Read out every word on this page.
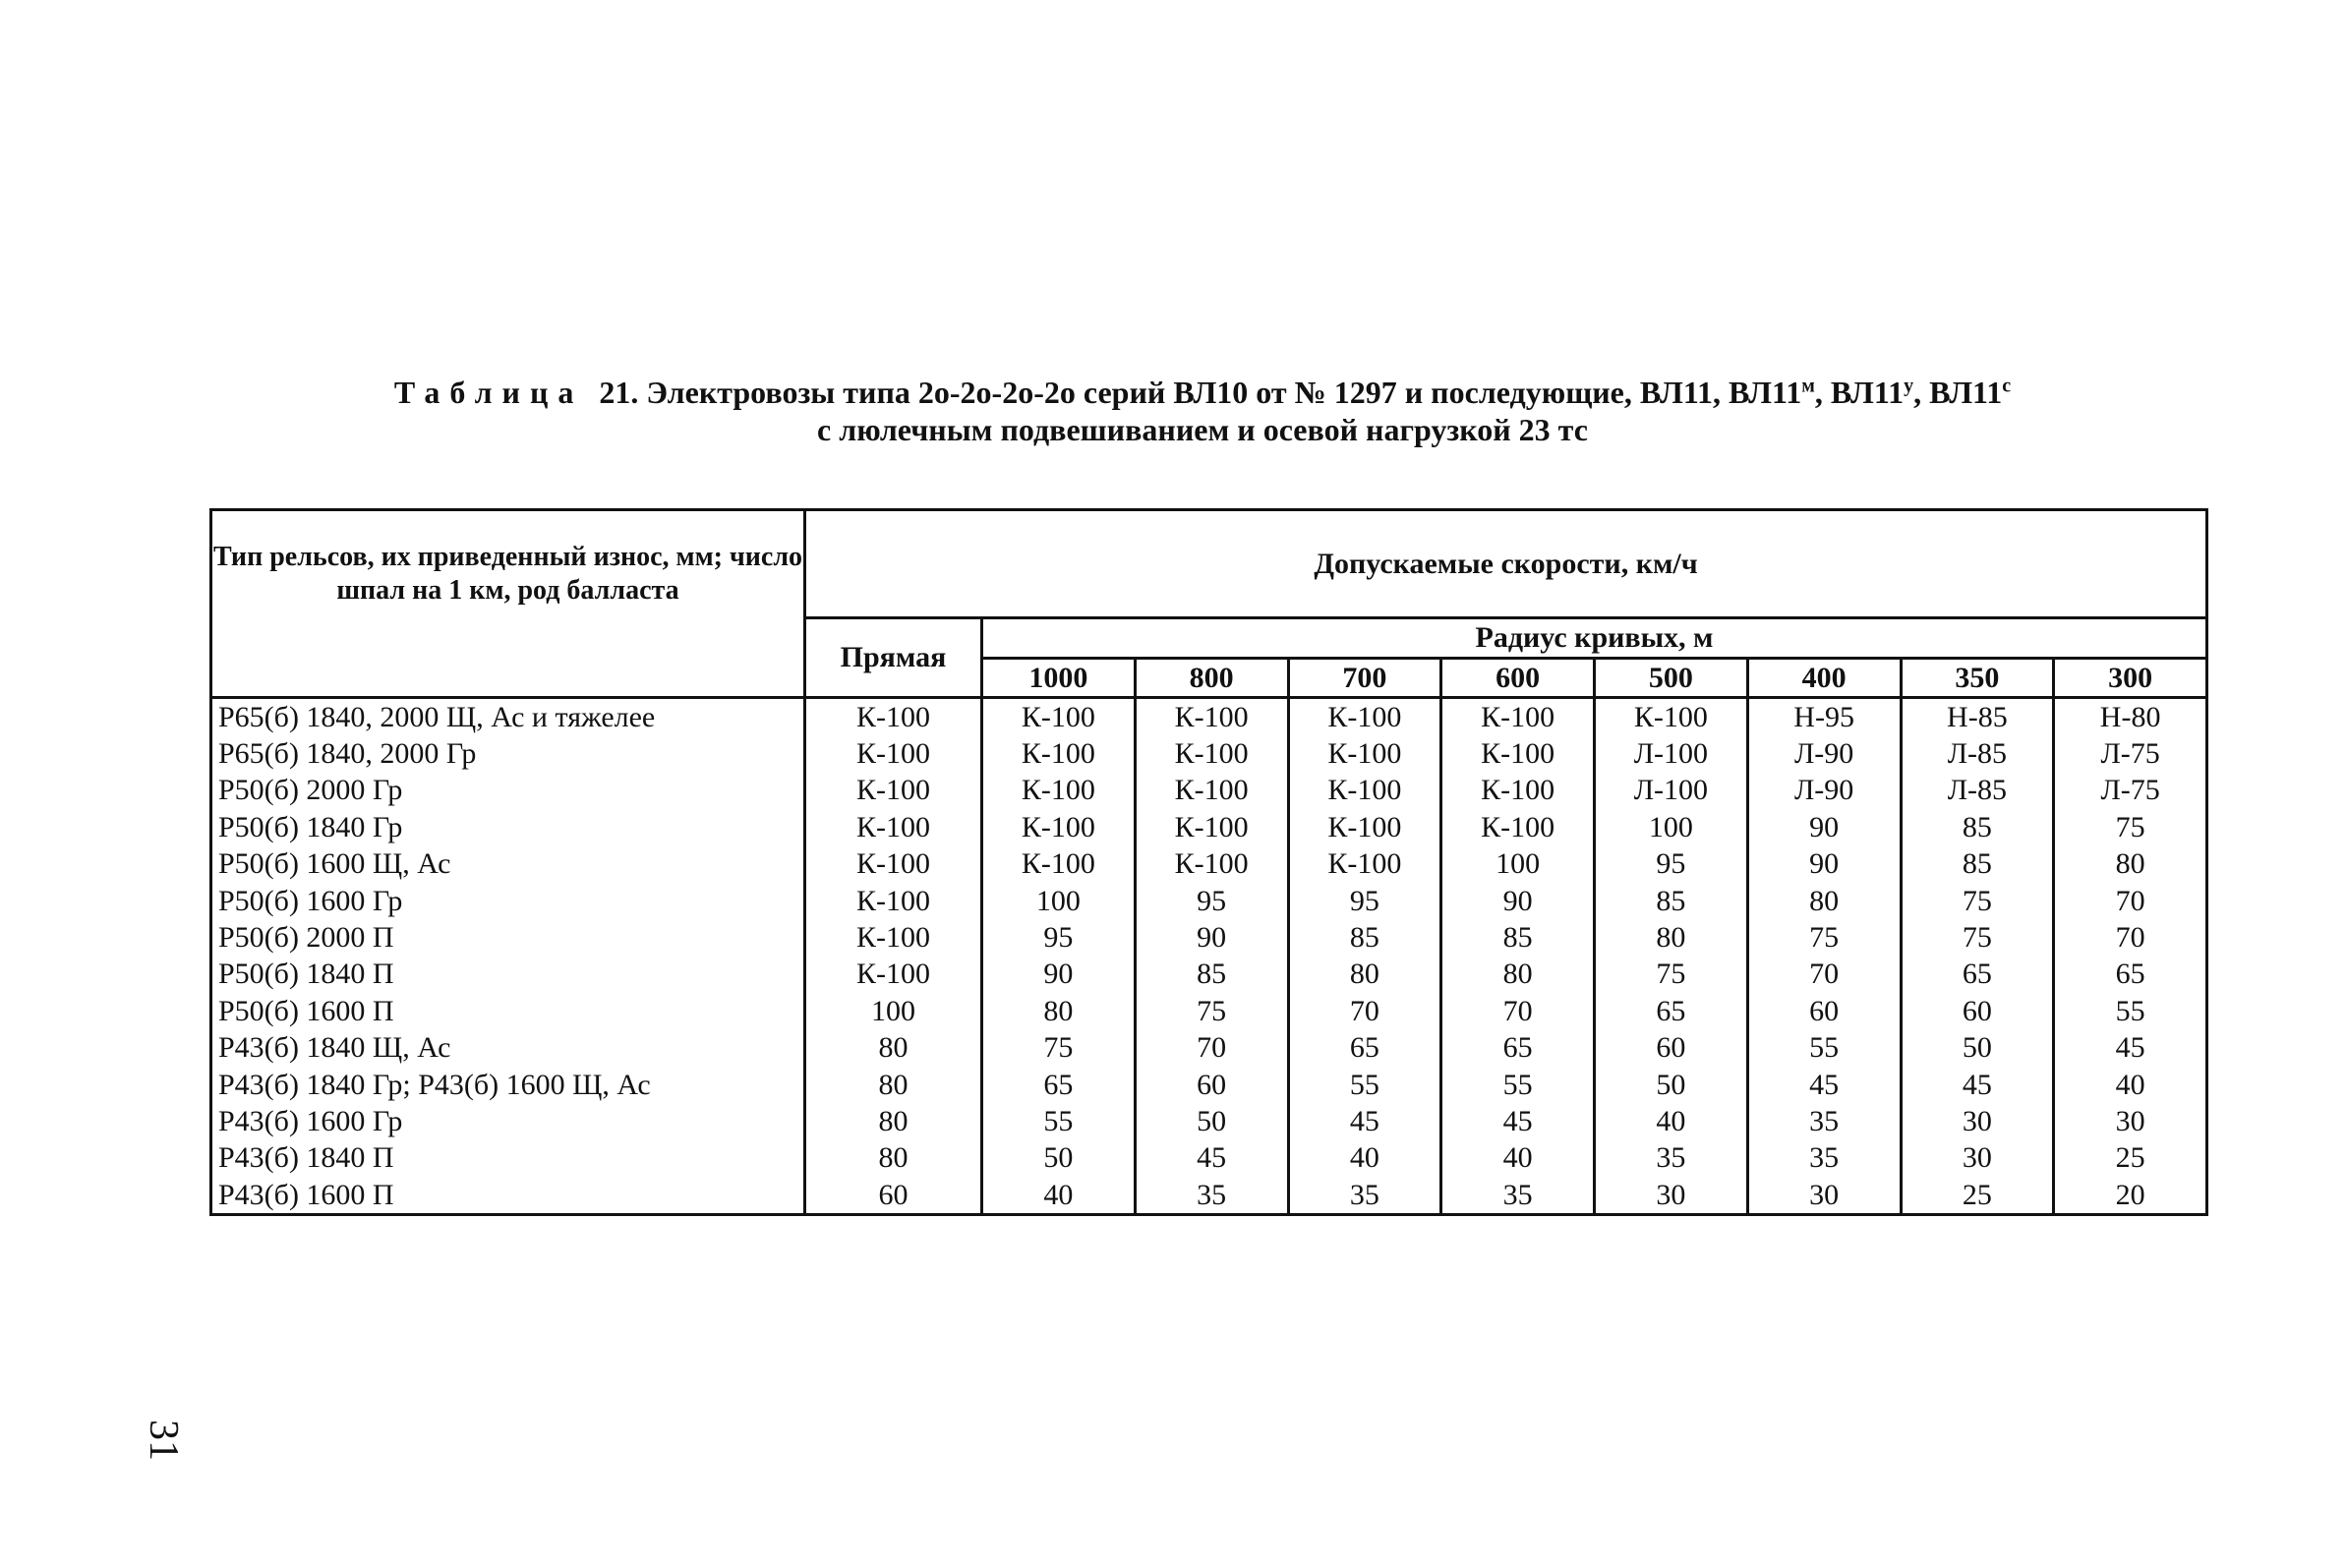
Таблица 21. Электровозы типа 2о-2о-2о-2о серий ВЛ10 от № 1297 и последующие, ВЛ11, $ВЛ11^м$, $ВЛ11^у$, $ВЛ11^с$
с люлечным подвешиванием и осевой нагрузкой 23 тс
Тип рельсов, их приведенный износ, мм; число шпал на 1 км, род балласта	Допускаемые скорости, км/ч								
	Прямая	Радиус кривых, м							
		1000	800	700	600	500	400	350	300
Р65(б) 1840, 2000 Щ, Ас и тяжелее	К-100	К-100	К-100	К-100	К-100	К-100	Н-95	Н-85	Н-80
Р65(б) 1840, 2000 Гр	К-100	К-100	К-100	К-100	К-100	Л-100	Л-90	Л-85	Л-75
Р50(б) 2000 Гр	К-100	К-100	К-100	К-100	К-100	Л-100	Л-90	Л-85	Л-75
Р50(б) 1840 Гр	К-100	К-100	К-100	К-100	К-100	100	90	85	75
Р50(б) 1600 Щ, Ас	К-100	К-100	К-100	К-100	100	95	90	85	80
Р50(б) 1600 Гр	К-100	100	95	95	90	85	80	75	70
Р50(б) 2000 П	К-100	95	90	85	85	80	75	75	70
Р50(б) 1840 П	К-100	90	85	80	80	75	70	65	65
Р50(б) 1600 П	100	80	75	70	70	65	60	60	55
Р43(б) 1840 Щ, Ас	80	75	70	65	65	60	55	50	45
Р43(б) 1840 Гр; Р43(б) 1600 Щ, Ас	80	65	60	55	55	50	45	45	40
Р43(б) 1600 Гр	80	55	50	45	45	40	35	30	30
Р43(б) 1840 П	80	50	45	40	40	35	35	30	25
Р43(б) 1600 П	60	40	35	35	35	30	30	25	20
31
